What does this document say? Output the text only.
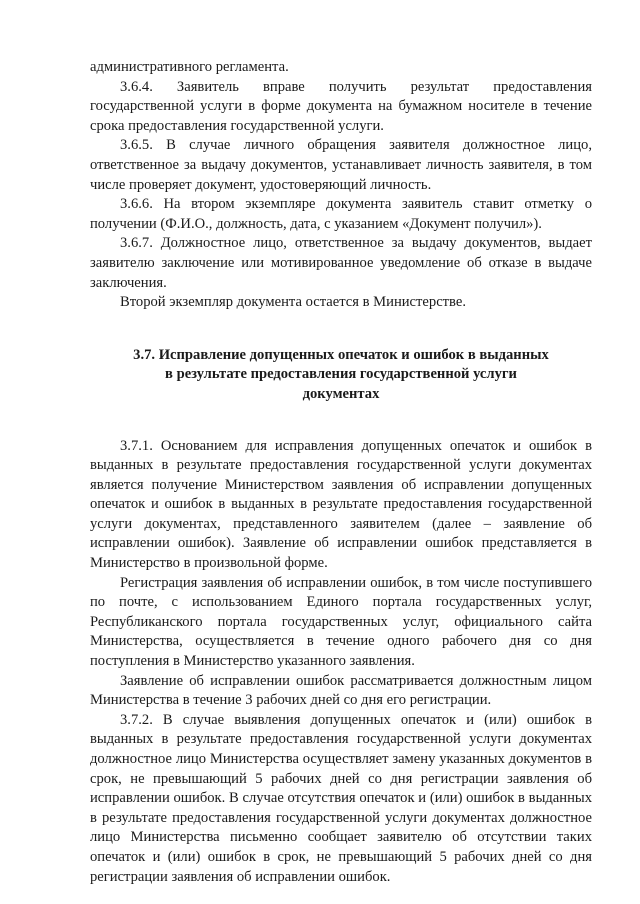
административного регламента.

3.6.4. Заявитель вправе получить результат предоставления государственной услуги в форме документа на бумажном носителе в течение срока предоставления государственной услуги.

3.6.5. В случае личного обращения заявителя должностное лицо, ответственное за выдачу документов, устанавливает личность заявителя, в том числе проверяет документ, удостоверяющий личность.

3.6.6. На втором экземпляре документа заявитель ставит отметку о получении (Ф.И.О., должность, дата, с указанием «Документ получил»).

3.6.7. Должностное лицо, ответственное за выдачу документов, выдает заявителю заключение или мотивированное уведомление об отказе в выдаче заключения.

Второй экземпляр документа остается в Министерстве.

3.7. Исправление допущенных опечаток и ошибок в выданных
в результате предоставления государственной услуги
документах

3.7.1. Основанием для исправления допущенных опечаток и ошибок в выданных в результате предоставления государственной услуги документах является получение Министерством заявления об исправлении допущенных опечаток и ошибок в выданных в результате предоставления государственной услуги документах, представленного заявителем (далее – заявление об исправлении ошибок). Заявление об исправлении ошибок представляется в Министерство в произвольной форме.

Регистрация заявления об исправлении ошибок, в том числе поступившего по почте, с использованием Единого портала государственных услуг, Республиканского портала государственных услуг, официального сайта Министерства, осуществляется в течение одного рабочего дня со дня поступления в Министерство указанного заявления.

Заявление об исправлении ошибок рассматривается должностным лицом Министерства в течение 3 рабочих дней со дня его регистрации.

3.7.2. В случае выявления допущенных опечаток и (или) ошибок в выданных в результате предоставления государственной услуги документах должностное лицо Министерства осуществляет замену указанных документов в срок, не превышающий 5 рабочих дней со дня регистрации заявления об исправлении ошибок. В случае отсутствия опечаток и (или) ошибок в выданных в результате предоставления государственной услуги документах должностное лицо Министерства письменно сообщает заявителю об отсутствии таких опечаток и (или) ошибок в срок, не превышающий 5 рабочих дней со дня регистрации заявления об исправлении ошибок.
